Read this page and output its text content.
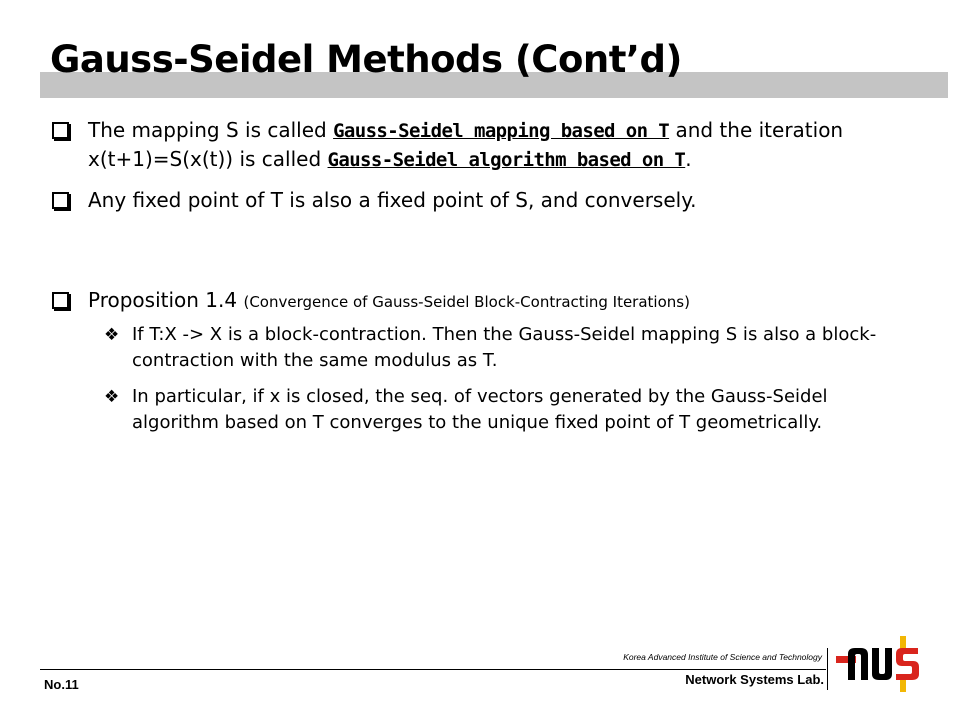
Gauss-Seidel Methods (Cont’d)

The mapping S is called Gauss-Seidel mapping based on T and the iteration x(t+1)=S(x(t)) is called Gauss-Seidel algorithm based on T.

Any fixed point of T is also a fixed point of S, and conversely.

Proposition 1.4 (Convergence of Gauss-Seidel Block-Contracting Iterations)

❖ If T:X -> X is a block-contraction. Then the Gauss-Seidel mapping S is also a block-contraction with the same modulus as T.

❖ In particular, if x is closed, the seq. of vectors generated by the Gauss-Seidel algorithm based on T converges to the unique fixed point of T geometrically.

Korea Advanced Institute of Science and Technology
Network Systems Lab.
No.11
